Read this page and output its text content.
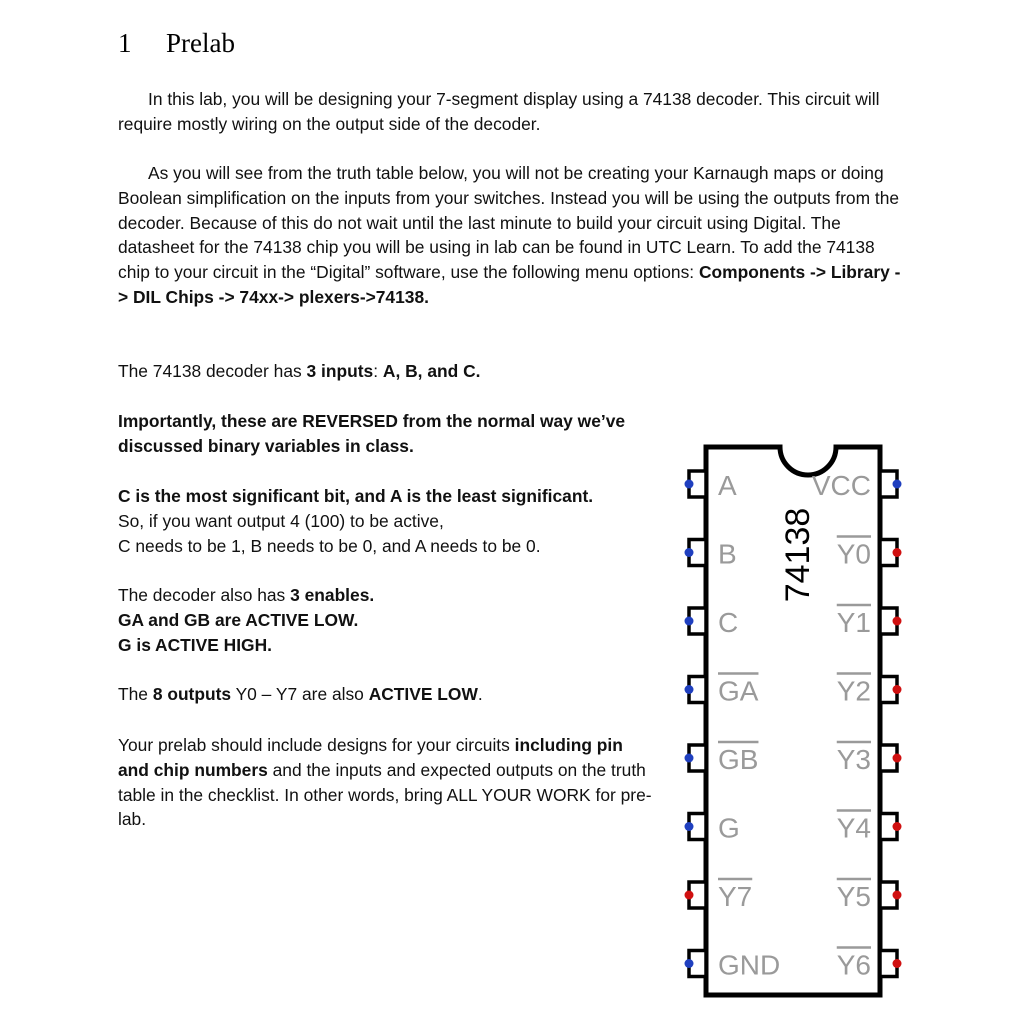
1 Prelab

In this lab, you will be designing your 7-segment display using a 74138 decoder. This circuit will require mostly wiring on the output side of the decoder.

As you will see from the truth table below, you will not be creating your Karnaugh maps or doing Boolean simplification on the inputs from your switches. Instead you will be using the outputs from the decoder. Because of this do not wait until the last minute to build your circuit using Digital. The datasheet for the 74138 chip you will be using in lab can be found in UTC Learn. To add the 74138 chip to your circuit in the “Digital” software, use the following menu options: Components -> Library -> DIL Chips -> 74xx-> plexers->74138.

The 74138 decoder has 3 inputs: A, B, and C.
Importantly, these are REVERSED from the normal way we’ve discussed binary variables in class.
C is the most significant bit, and A is the least significant.
So, if you want output 4 (100) to be active,
C needs to be 1, B needs to be 0, and A needs to be 0.
The decoder also has 3 enables.
GA and GB are ACTIVE LOW.
G is ACTIVE HIGH.
The 8 outputs Y0 – Y7 are also ACTIVE LOW.
Your prelab should include designs for your circuits including pin and chip numbers and the inputs and expected outputs on the truth table in the checklist. In other words, bring ALL YOUR WORK for pre-lab.
74138
A
B
C
GA
GB
G
Y7
GND
VCC
Y0
Y1
Y2
Y3
Y4
Y5
Y6
